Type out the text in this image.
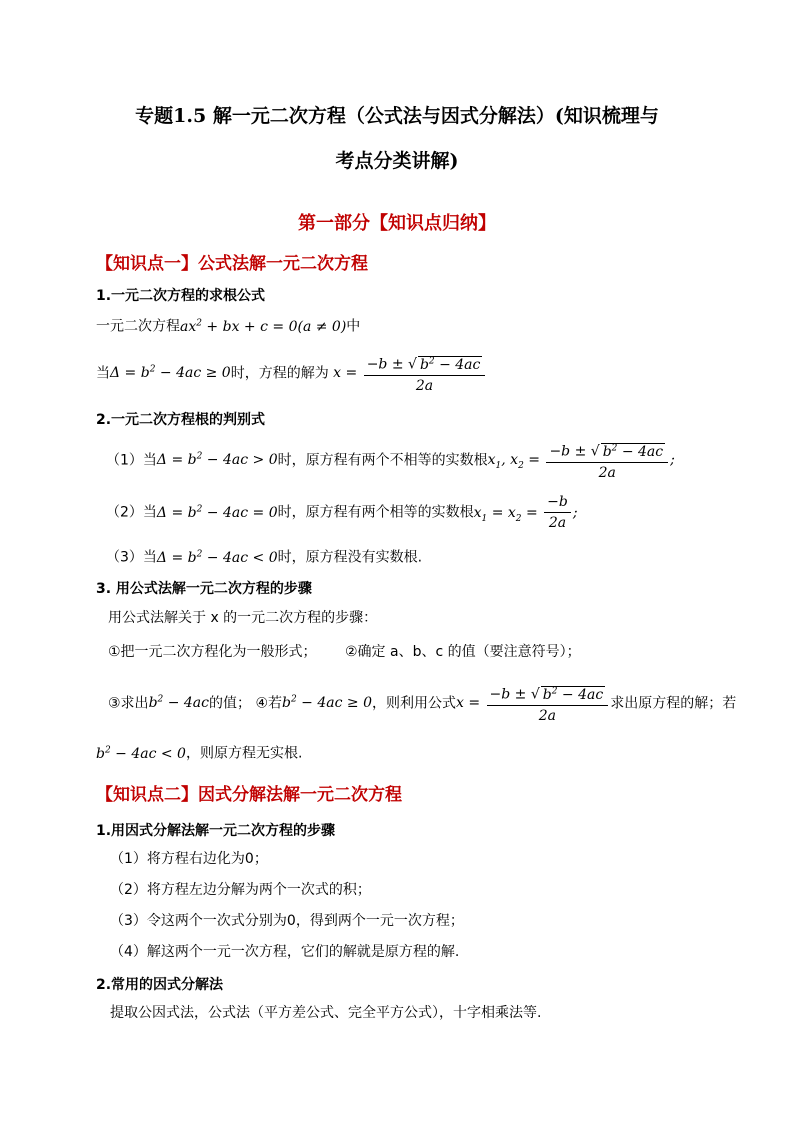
专题1.5 解一元二次方程（公式法与因式分解法）(知识梳理与
考点分类讲解)
第一部分【知识点归纳】
【知识点一】公式法解一元二次方程
1.一元二次方程的求根公式
一元二次方程$ax^2$ + bx + c = 0(a ≠ 0)中
当$\Delta = b^2 - 4ac \ge 0$时，方程的解为 $x = \frac{-b \pm √ b^2 - 4ac}{2a}$
2.一元二次方程根的判别式
（1）当$\Delta = b^2 - 4ac > 0$时，原方程有两个不相等的实数根$x_1$, $x_2 = \frac{-b \pm √ b^2 - 4ac}{2a}$ ;
（2）当$\Delta = b^2 - 4ac = 0$时，原方程有两个相等的实数根$x_1 = x_2 = \frac{-b}{2a}$ ;
（3）当$\Delta = b^2 - 4ac < 0$时，原方程没有实数根.
3. 用公式法解一元二次方程的步骤
用公式法解关于 x 的一元二次方程的步骤：
①把一元二次方程化为一般形式； ②确定 a、b、c 的值（要注意符号）；
③求出$b^2 - 4ac$的值； ④若$b^2 - 4ac \ge 0$，则利用公式$x = \frac{-b \pm √ b^2 - 4ac}{2a}$ 求出原方程的解；若
$b^2 - 4ac < 0$，则原方程无实根.
【知识点二】因式分解法解一元二次方程
1.用因式分解法解一元二次方程的步骤
（1）将方程右边化为0；
（2）将方程左边分解为两个一次式的积；
（3）令这两个一次式分别为0，得到两个一元一次方程；
（4）解这两个一元一次方程，它们的解就是原方程的解.
2.常用的因式分解法
提取公因式法，公式法（平方差公式、完全平方公式），十字相乘法等.
